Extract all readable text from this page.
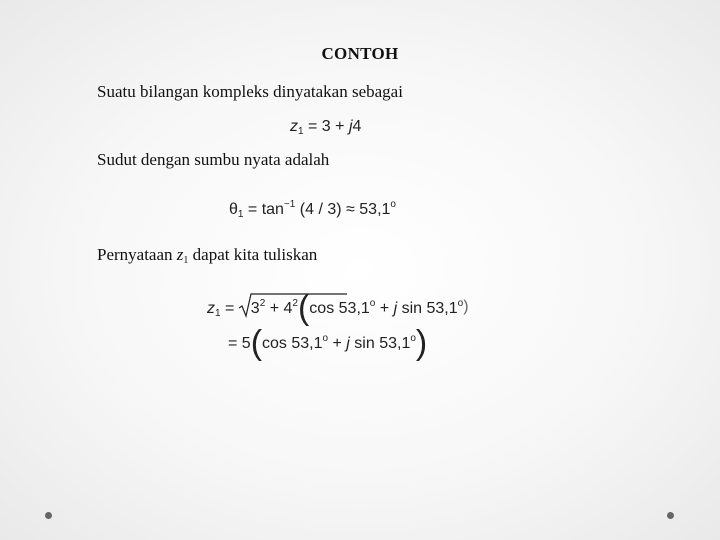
CONTOH
Suatu bilangan kompleks dinyatakan sebagai
$z_1 = 3 + j4$
Sudut dengan sumbu nyata adalah
$\theta_1 = \tan^{-1} (4 / 3) \approx 53,1^o$
Pernyataan $z_1$ dapat kita tuliskan
$z_1$ =
$3^2 + 4^2(\cos$ $53,1^o + j$ $\sin 53,1^o$)
= 5(cos $53,1^o + j$ sin 53,1$^o$)
